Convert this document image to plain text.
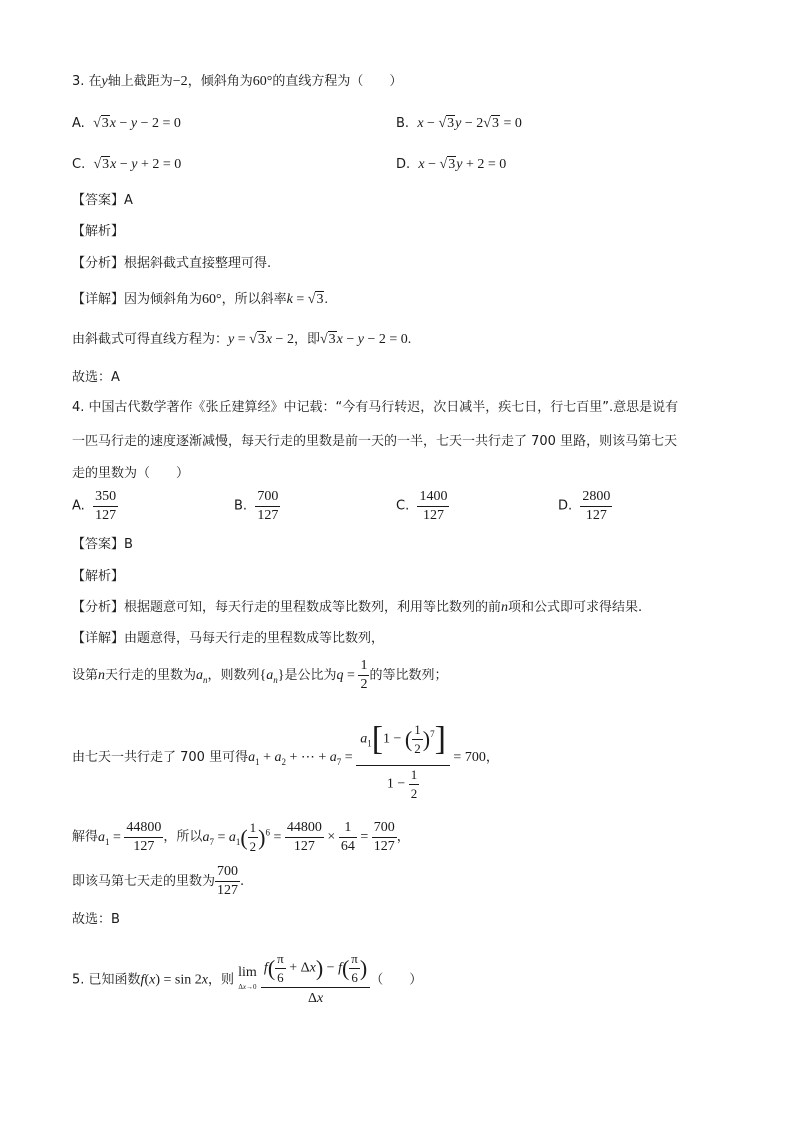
3. 在y轴上截距为−2，倾斜角为60°的直线方程为（　　）
A. √3x − y − 2 = 0	B. x − √3y − 2√3 = 0
C. √3x − y + 2 = 0	D. x − √3y + 2 = 0
【答案】A
【解析】
【分析】根据斜截式直接整理可得.
【详解】因为倾斜角为60°，所以斜率k = √3.
由斜截式可得直线方程为：y = √3x − 2，即√3x − y − 2 = 0.
故选：A
4. 中国古代数学著作《张丘建算经》中记载：“今有马行转迟，次日减半，疾七日，行七百里”.意思是说有
一匹马行走的速度逐渐减慢，每天行走的里数是前一天的一半，七天一共行走了 700 里路，则该马第七天
走的里数为（　　）
A. $\frac{350}{127}$	B. $\frac{700}{127}$	C. $\frac{1400}{127}$	D. $\frac{2800}{127}$
【答案】B
【解析】
【分析】根据题意可知，每天行走的里程数成等比数列，利用等比数列的前n项和公式即可求得结果.
【详解】由题意得，马每天行走的里程数成等比数列，
设第n天行走的里数为$a_n$，则数列$\{a_n\}$是公比为$q = \frac{1}{2}$ 的等比数列；
由七天一共行走了 700 里可得$a_1 + a_2$ + ⋯ + $a_7 = \frac{a_1[1 - ( \frac{1}{2} )^7]}{1 - \frac{1}{2}} = 700$，
解得$a_1 = \frac{44800}{127}$ ，所以$a_7 = a_1( \frac{1}{2} )^6 = \frac{44800}{127} \times \frac{1}{64} = \frac{700}{127}$ ，
即该马第七天走的里数为 $\frac{700}{127}$ .
故选：B
5. 已知函数f(x) = sin 2x，则 lim
Δx→0
$\frac{f( \frac{\pi}{6} + \Delta x) - f( \frac{\pi}{6} )}{\Delta x}$ （　　）
